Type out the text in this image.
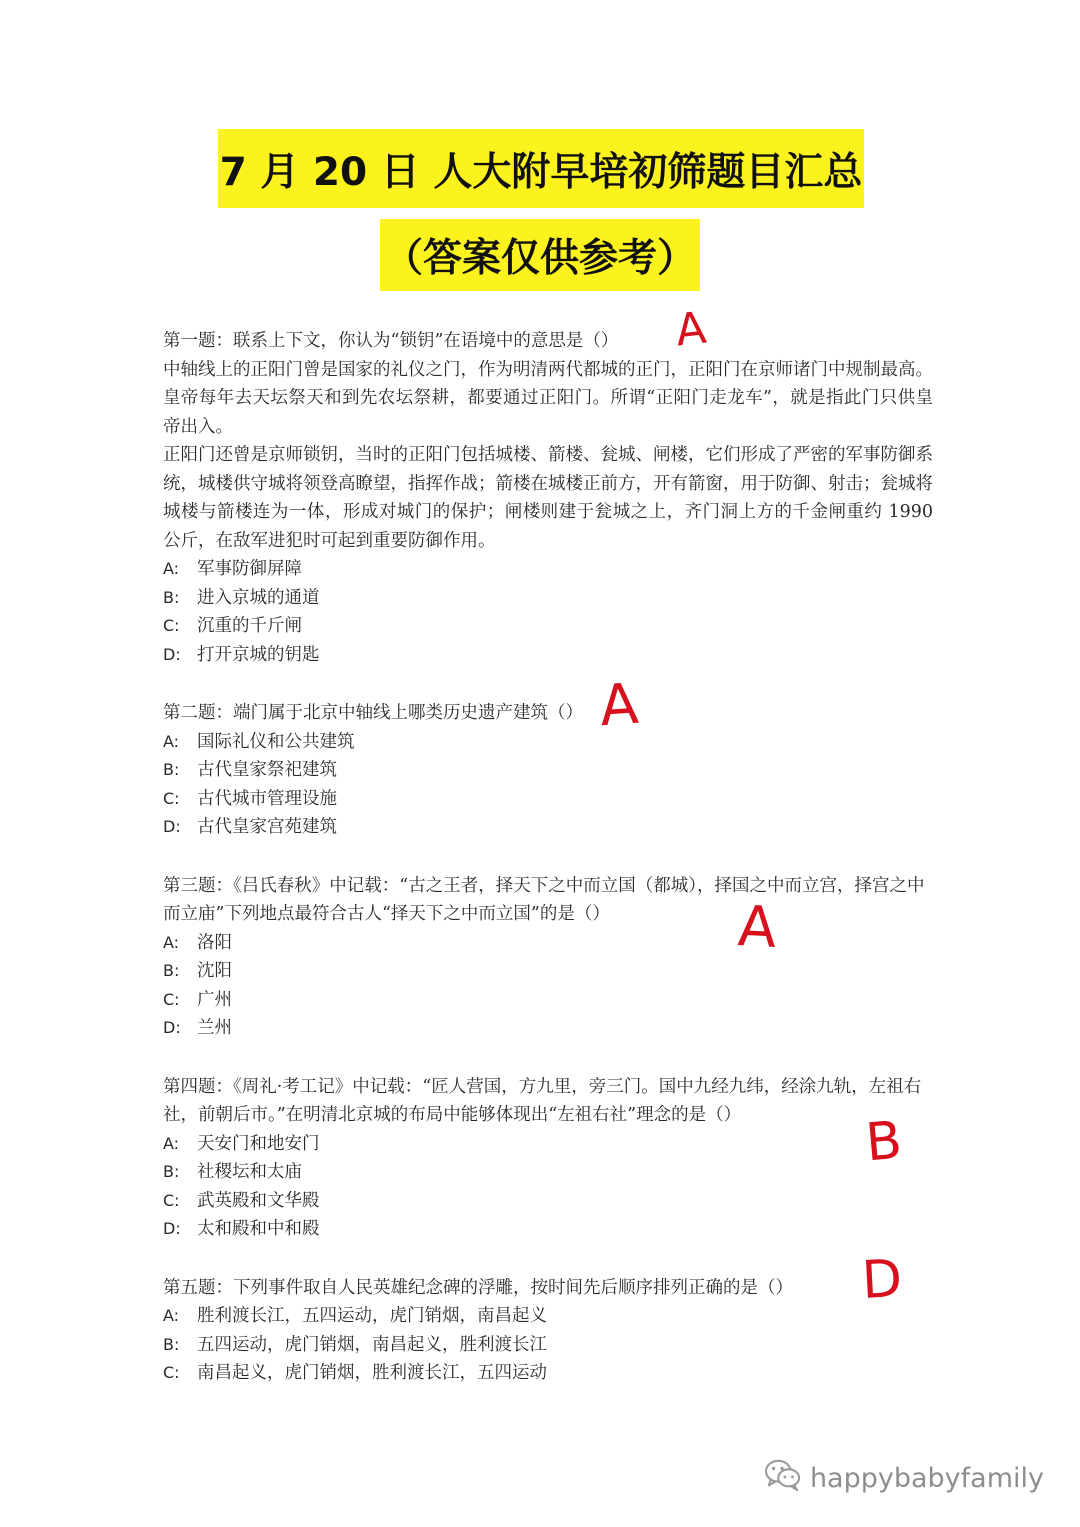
7 月 20 日 人大附早培初筛题目汇总
（答案仅供参考）

第一题：联系上下文，你认为“锁钥”在语境中的意思是（）

中轴线上的正阳门曾是国家的礼仪之门，作为明清两代都城的正门，正阳门在京师诸门中规制最高。皇帝每年去天坛祭天和到先农坛祭耕，都要通过正阳门。所谓“正阳门走龙车”，就是指此门只供皇帝出入。

正阳门还曾是京师锁钥，当时的正阳门包括城楼、箭楼、瓮城、闸楼，它们形成了严密的军事防御系统，城楼供守城将领登高瞭望，指挥作战；箭楼在城楼正前方，开有箭窗，用于防御、射击；瓮城将城楼与箭楼连为一体，形成对城门的保护；闸楼则建于瓮城之上，齐门洞上方的千金闸重约 1990 公斤，在敌军进犯时可起到重要防御作用。

A:	军事防御屏障
B:	进入京城的通道
C: 沉重的千斤闸
D: 打开京城的钥匙

第二题：端门属于北京中轴线上哪类历史遗产建筑（）

A:	国际礼仪和公共建筑
B:	古代皇家祭祀建筑
C: 古代城市管理设施
D: 古代皇家宫苑建筑

第三题：《吕氏春秋》中记载：“古之王者，择天下之中而立国（都城），择国之中而立宫，择宫之中而立庙”下列地点最符合古人“择天下之中而立国”的是（）

A:	洛阳
B:	沈阳
C: 广州
D: 兰州

第四题：《周礼·考工记》中记载：“匠人营国，方九里，旁三门。国中九经九纬，经涂九轨，左祖右社，前朝后市。”在明清北京城的布局中能够体现出“左祖右社”理念的是（）

A:	天安门和地安门
B:	社稷坛和太庙
C: 武英殿和文华殿
D: 太和殿和中和殿

第五题：下列事件取自人民英雄纪念碑的浮雕，按时间先后顺序排列正确的是（）

A:	胜利渡长江，五四运动，虎门销烟，南昌起义
B:	五四运动，虎门销烟，南昌起义，胜利渡长江
C: 南昌起义，虎门销烟，胜利渡长江，五四运动
A
A
A
B
D
happybabyfamily
